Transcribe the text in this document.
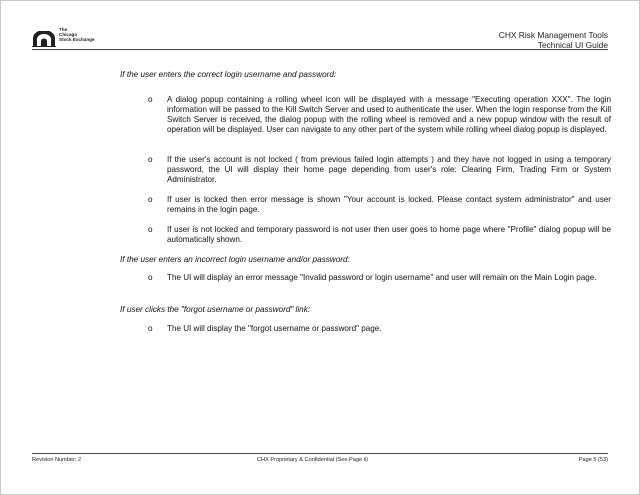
The
Chicago
Stock Exchange	CHX Risk Management Tools
Technical UI Guide
If the user enters the correct login username and password:
o A dialog popup containing a rolling wheel icon will be displayed with a message "Executing operation XXX". The login information will be passed to the Kill Switch Server and used to authenticate the user. When the login response from the Kill Switch Server is received, the dialog popup with the rolling wheel is removed and a new popup window with the result of operation will be displayed. User can navigate to any other part of the system while rolling wheel dialog popup is displayed.
o If the user's account is not locked ( from previous failed login attempts ) and they have not logged in using a temporary password, the UI will display their home page depending from user's role: Clearing Firm, Trading Firm or System Administrator.
o If user is locked then error message is shown "Your account is locked. Please contact system administrator" and user remains in the login page.
o If user is not locked and temporary password is not user then user goes to home page where "Profile" dialog popup will be automatically shown.
If the user enters an incorrect login username and/or password:
o The UI will display an error message "Invalid password or login username" and user will remain on the Main Login page.
If user clicks the "forgot username or password" link:
o The UI will display the "forgot username or password" page.
Revision Number: 2	CHX Proprietary & Confidential (See Page ii)	Page 5 (53)
